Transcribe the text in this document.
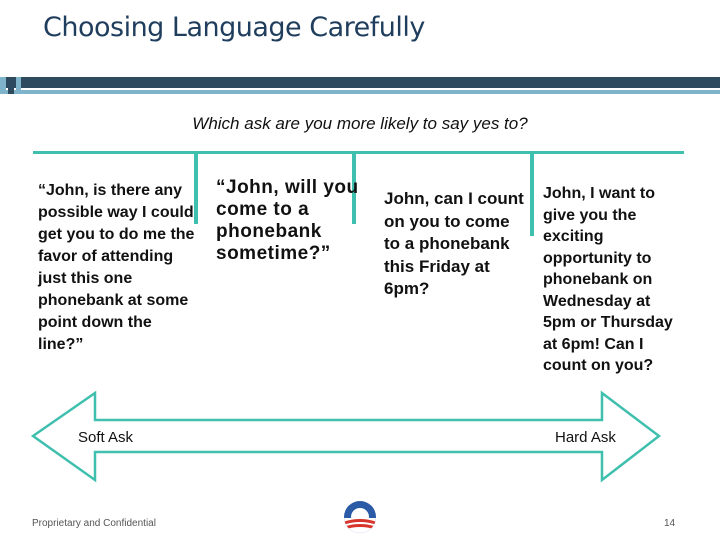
Choosing Language Carefully
Which ask are you more likely to say yes to?
“John, is there any possible way I could get you to do me the favor of attending just this one phonebank at some point down the line?”
“John, will you come to a phonebank sometime?”
John, can I count on you to come to a phonebank this Friday at 6pm?
John, I want to give you the exciting opportunity to phonebank on Wednesday at 5pm or Thursday at 6pm! Can I count on you?
Soft Ask	Hard Ask
Proprietary and Confidential	14
